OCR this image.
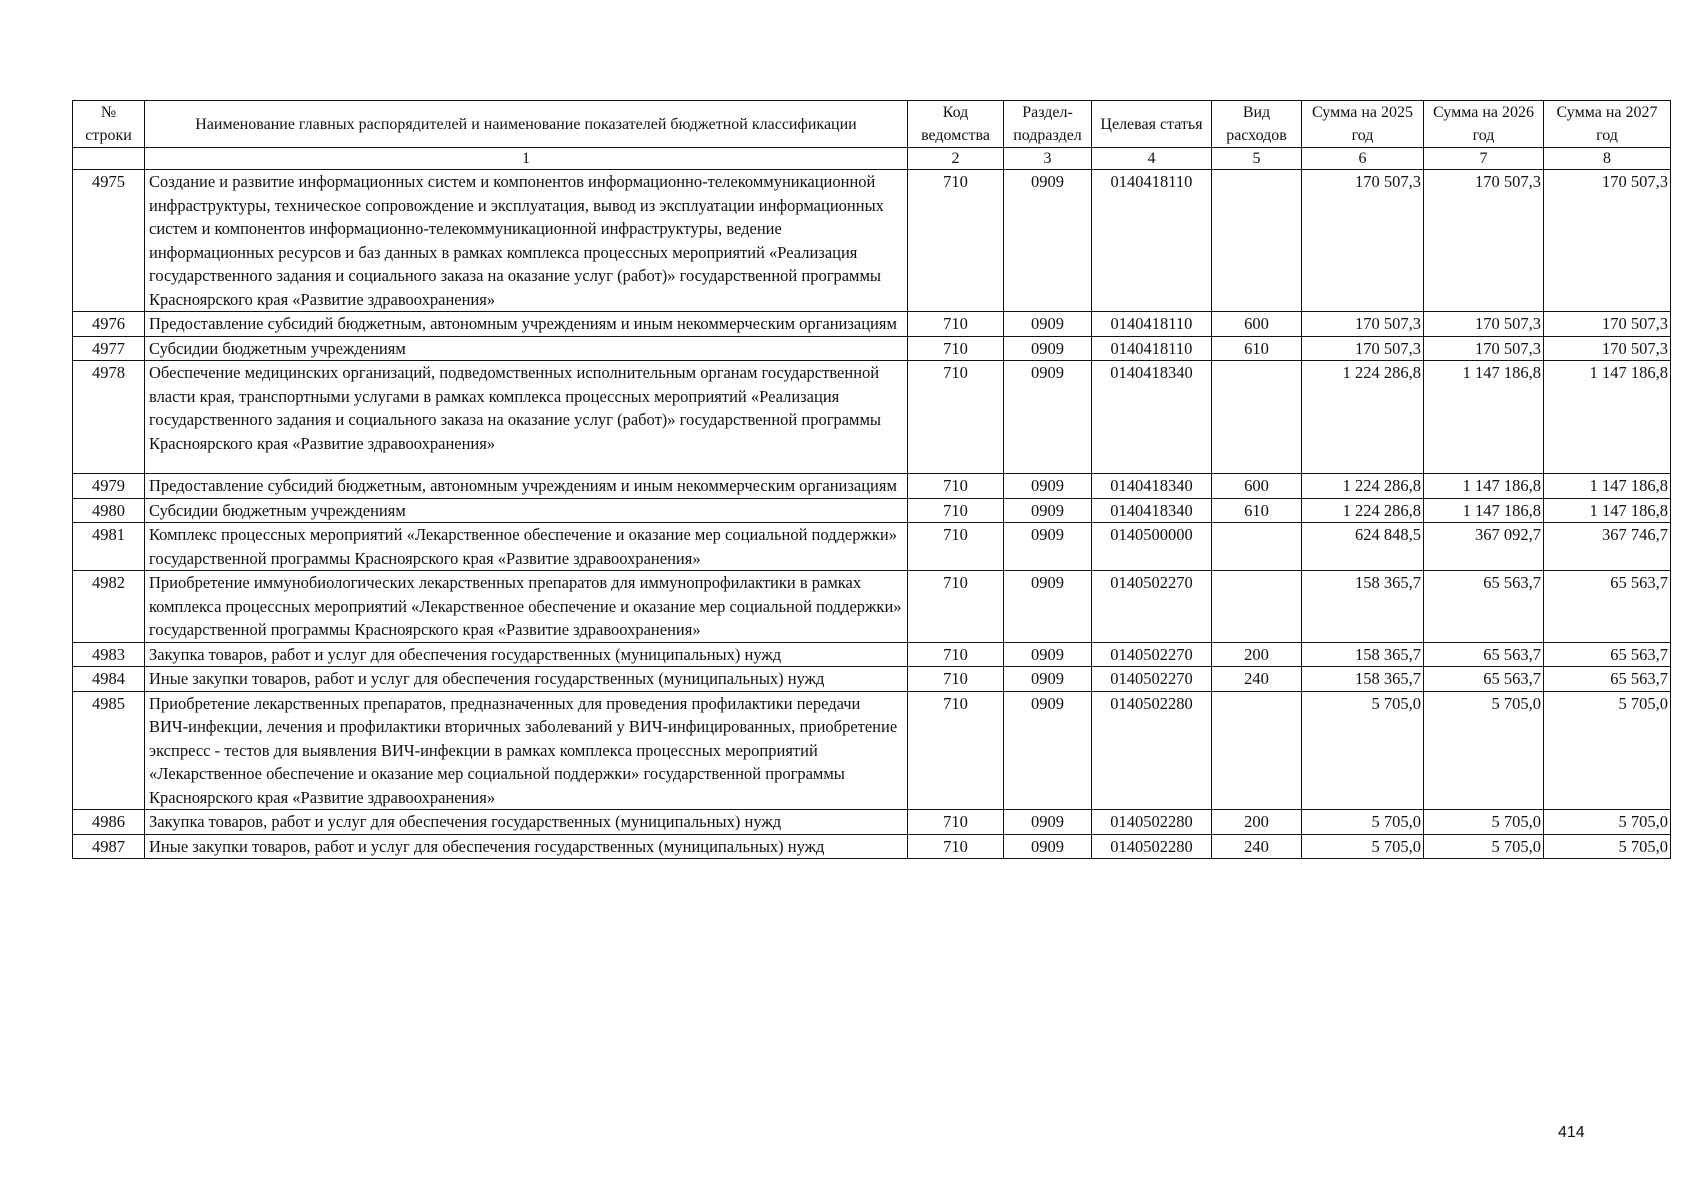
№ строки	Наименование главных распорядителей и наименование показателей бюджетной классификации	Код ведомства	Раздел-подраздел	Целевая статья	Вид расходов	Сумма на 2025 год	Сумма на 2026 год	Сумма на 2027 год
	1	2	3	4	5	6	7	8
4975	Создание и развитие информационных систем и компонентов информационно-телекоммуникационной инфраструктуры, техническое сопровождение и эксплуатация, вывод из эксплуатации информационных систем и компонентов информационно-телекоммуникационной инфраструктуры, ведение информационных ресурсов и баз данных в рамках комплекса процессных мероприятий «Реализация государственного задания и социального заказа на оказание услуг (работ)» государственной программы Красноярского края «Развитие здравоохранения»	710	0909	0140418110		170 507,3	170 507,3	170 507,3
4976	Предоставление субсидий бюджетным, автономным учреждениям и иным некоммерческим организациям	710	0909	0140418110	600	170 507,3	170 507,3	170 507,3
4977	Субсидии бюджетным учреждениям	710	0909	0140418110	610	170 507,3	170 507,3	170 507,3
4978	Обеспечение медицинских организаций, подведомственных исполнительным органам государственной власти края, транспортными услугами в рамках комплекса процессных мероприятий «Реализация государственного задания и социального заказа на оказание услуг (работ)» государственной программы Красноярского края «Развитие здравоохранения»	710	0909	0140418340		1 224 286,8	1 147 186,8	1 147 186,8
4979	Предоставление субсидий бюджетным, автономным учреждениям и иным некоммерческим организациям	710	0909	0140418340	600	1 224 286,8	1 147 186,8	1 147 186,8
4980	Субсидии бюджетным учреждениям	710	0909	0140418340	610	1 224 286,8	1 147 186,8	1 147 186,8
4981	Комплекс процессных мероприятий «Лекарственное обеспечение и оказание мер социальной поддержки» государственной программы Красноярского края «Развитие здравоохранения»	710	0909	0140500000		624 848,5	367 092,7	367 746,7
4982	Приобретение иммунобиологических лекарственных препаратов для иммунопрофилактики в рамках комплекса процессных мероприятий «Лекарственное обеспечение и оказание мер социальной поддержки» государственной программы Красноярского края «Развитие здравоохранения»	710	0909	0140502270		158 365,7	65 563,7	65 563,7
4983	Закупка товаров, работ и услуг для обеспечения государственных (муниципальных) нужд	710	0909	0140502270	200	158 365,7	65 563,7	65 563,7
4984	Иные закупки товаров, работ и услуг для обеспечения государственных (муниципальных) нужд	710	0909	0140502270	240	158 365,7	65 563,7	65 563,7
4985	Приобретение лекарственных препаратов, предназначенных для проведения профилактики передачи ВИЧ-инфекции, лечения и профилактики вторичных заболеваний у ВИЧ-инфицированных, приобретение экспресс - тестов для выявления ВИЧ-инфекции в рамках комплекса процессных мероприятий «Лекарственное обеспечение и оказание мер социальной поддержки» государственной программы Красноярского края «Развитие здравоохранения»	710	0909	0140502280		5 705,0	5 705,0	5 705,0
4986	Закупка товаров, работ и услуг для обеспечения государственных (муниципальных) нужд	710	0909	0140502280	200	5 705,0	5 705,0	5 705,0
4987	Иные закупки товаров, работ и услуг для обеспечения государственных (муниципальных) нужд	710	0909	0140502280	240	5 705,0	5 705,0	5 705,0
414
